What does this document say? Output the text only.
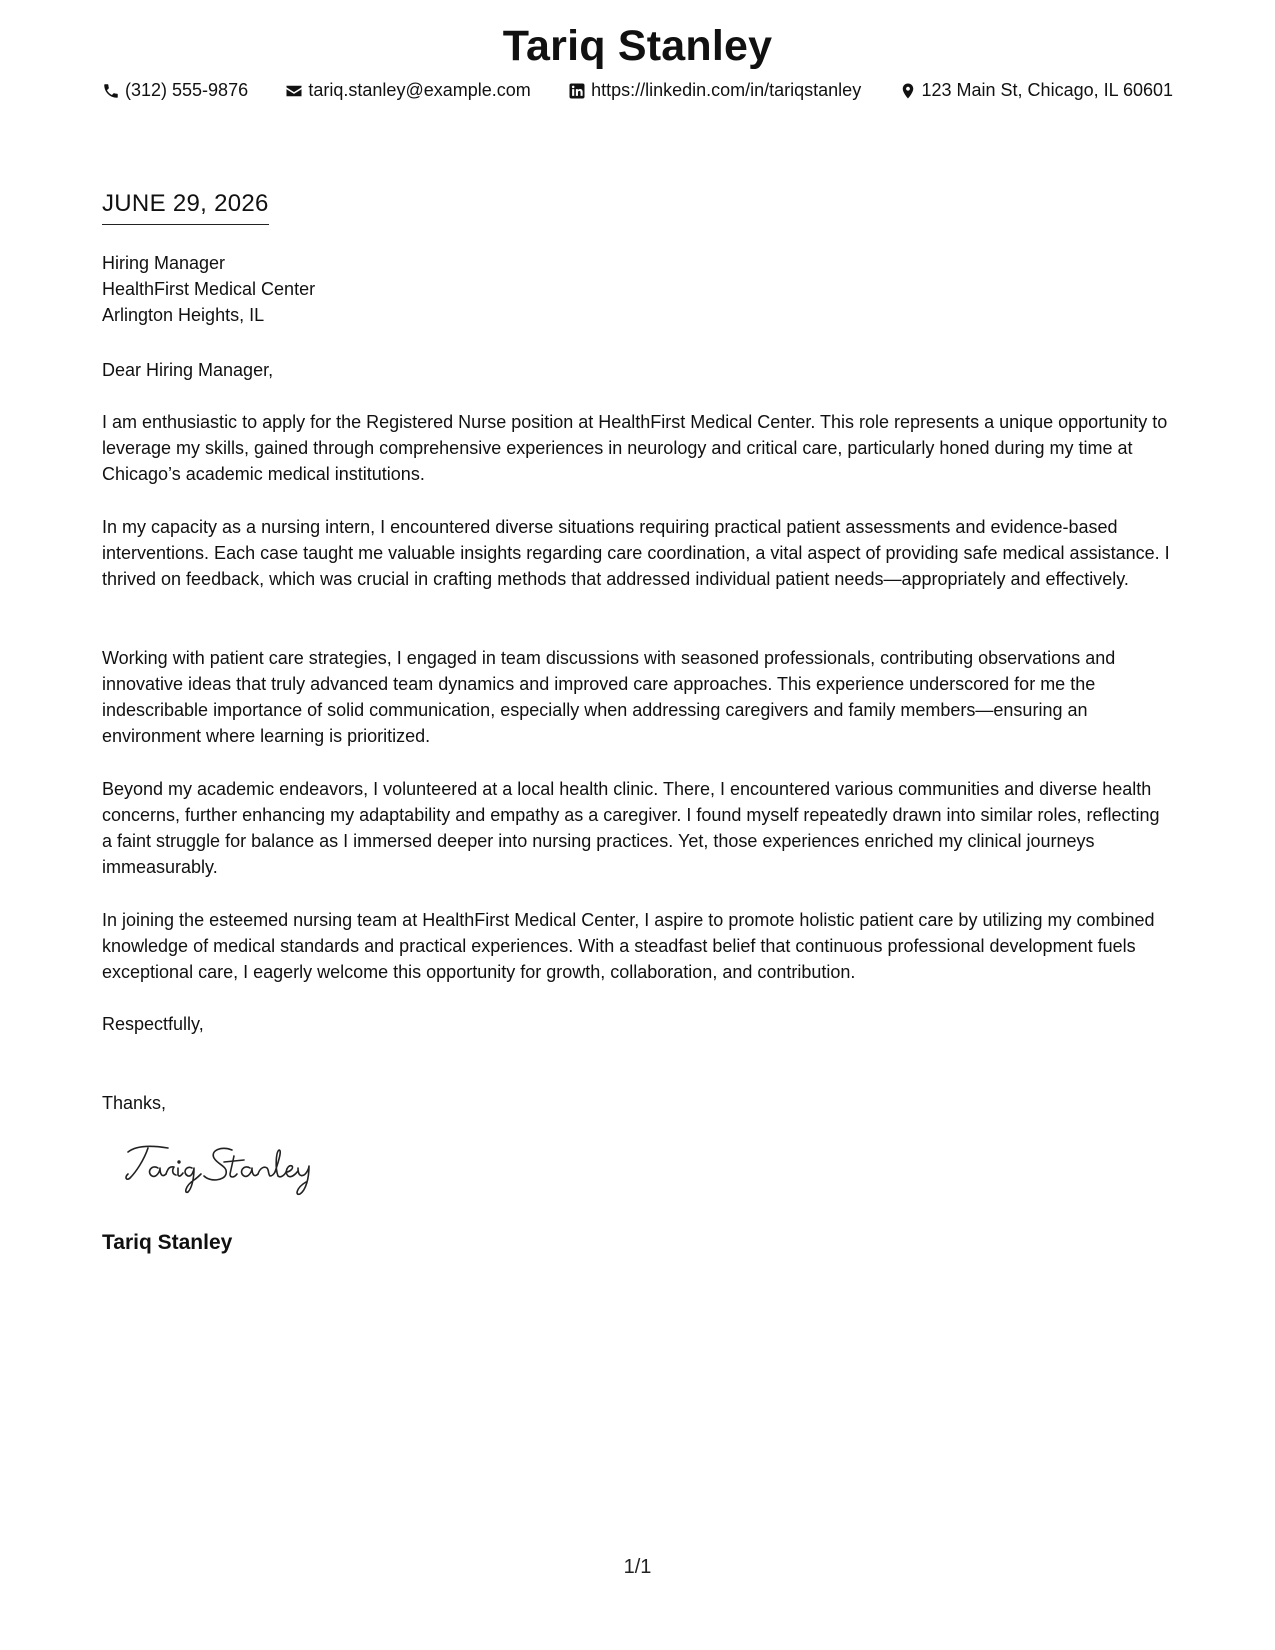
Tariq Stanley
(312) 555-9876	tariq.stanley@example.com	https://linkedin.com/in/tariqstanley	123 Main St, Chicago, IL 60601
JUNE 29, 2026
Hiring Manager
HealthFirst Medical Center
Arlington Heights, IL

Dear Hiring Manager,

I am enthusiastic to apply for the Registered Nurse position at HealthFirst Medical Center. This role represents a unique opportunity to leverage my skills, gained through comprehensive experiences in neurology and critical care, particularly honed during my time at Chicago’s academic medical institutions.

In my capacity as a nursing intern, I encountered diverse situations requiring practical patient assessments and evidence-based interventions. Each case taught me valuable insights regarding care coordination, a vital aspect of providing safe medical assistance. I thrived on feedback, which was crucial in crafting methods that addressed individual patient needs—appropriately and effectively.

Working with patient care strategies, I engaged in team discussions with seasoned professionals, contributing observations and innovative ideas that truly advanced team dynamics and improved care approaches. This experience underscored for me the indescribable importance of solid communication, especially when addressing caregivers and family members—ensuring an environment where learning is prioritized.

Beyond my academic endeavors, I volunteered at a local health clinic. There, I encountered various communities and diverse health concerns, further enhancing my adaptability and empathy as a caregiver. I found myself repeatedly drawn into similar roles, reflecting a faint struggle for balance as I immersed deeper into nursing practices. Yet, those experiences enriched my clinical journeys immeasurably.

In joining the esteemed nursing team at HealthFirst Medical Center, I aspire to promote holistic patient care by utilizing my combined knowledge of medical standards and practical experiences. With a steadfast belief that continuous professional development fuels exceptional care, I eagerly welcome this opportunity for growth, collaboration, and contribution.

Respectfully,

Thanks,

Tariq Stanley
1/1
